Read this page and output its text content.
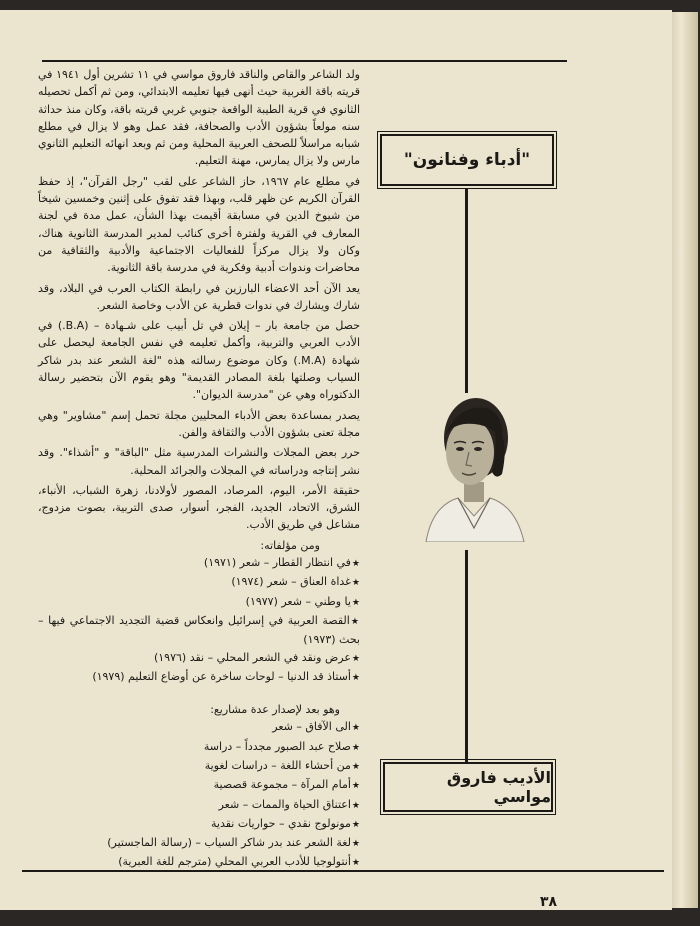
ولد الشاعر والقاص والناقد فاروق مواسي في ١١ تشرين أول ١٩٤١ في قريته باقة الغربية حيث أنهى فيها تعليمه الابتدائي، ومن ثم أكمل تحصيله الثانوي في قرية الطيبة الواقعة جنوبي غربي قريته باقة، وكان منذ حداثة سنه مولعاً بشؤون الأدب والصحافة، فقد عمل وهو لا يزال في مطلع شبابه مراسلاً للصحف العربية المحلية ومن ثم وبعد انهائه التعليم الثانوي مارس ولا يزال يمارس، مهنة التعليم.

في مطلع عام ١٩٦٧، حاز الشاعر على لقب "رجل القرآن"، إذ حفظ القرآن الكريم عن ظهر قلب، وبهذا فقد تفوق على إثنين وخمسين شيخاً من شيوخ الدين في مسابقة أقيمت بهذا الشأن، عمل مدة في لجنة المعارف في القرية ولفترة أخرى كنائب لمدير المدرسة الثانوية هناك، وكان ولا يزال مركزاً للفعاليات الاجتماعية والأدبية والثقافية من محاضرات وندوات أدبية وفكرية في مدرسة باقة الثانوية.

يعد الآن أحد الاعضاء البارزين في رابطة الكتاب العرب في البلاد، وقد شارك ويشارك في ندوات قطرية عن الأدب وخاصة الشعر.

حصل من جامعة بار – إيلان في تل أبيب على شـهادة – (B.A.) في الأدب العربي والتربية، وأكمل تعليمه في نفس الجامعة ليحصل على شهادة (M.A.) وكان موضوع رسالته هذه "لغة الشعر عند بدر شاكر السياب وصلتها بلغة المصادر القديمة" وهو يقوم الآن بتحضير رسالة الدكتوراه وهي عن "مدرسة الديوان".

يصدر بمساعدة بعض الأدباء المحليين مجلة تحمل إسم "مشاوير" وهي مجلة تعنى بشؤون الأدب والثقافة والفن.

حرر بعض المجلات والنشرات المدرسية مثل "الباقة" و "أشذاء". وقد نشر إنتاجه ودراساته في المجلات والجرائد المحلية.

حقيقة الأمر، اليوم، المرصاد، المصور لأولادنا، زهرة الشباب، الأنباء، الشرق، الاتحاد، الجديد، الفجر، أسوار، صدى التربية، بصوت مزدوج، مشاعل في طريق الأدب.

ومن مؤلفاته:

★ في انتظار القطار – شعر (١٩٧١)
★ غداة العناق – شعر (١٩٧٤)
★ يا وطني – شعر (١٩٧٧)
★ القصة العربية في إسرائيل وانعكاس قضية التجديد الاجتماعي فيها – بحث (١٩٧٣)
★ عرض ونقد في الشعر المحلي – نقد (١٩٧٦)
★ أستاذ قد الدنيا – لوحات ساخرة عن أوضاع التعليم (١٩٧٩)

وهو بعد لإصدار عدة مشاريع:

★ الى الآفاق – شعر
★ صلاح عبد الصبور مجدداً – دراسة
★ من أحشاء اللغة – دراسات لغوية
★ أمام المرآة – مجموعة قصصية
★ اعتناق الحياة والممات – شعر
★ مونولوج نقدي – حواريات نقدية
★ لغة الشعر عند بدر شاكر السياب – (رسالة الماجستير)
★ أنتولوجيا للأدب العربي المحلي (مترجم للغة العبرية)
"أدباء وفنانون"
الأديب فاروق مواسي
٣٨
